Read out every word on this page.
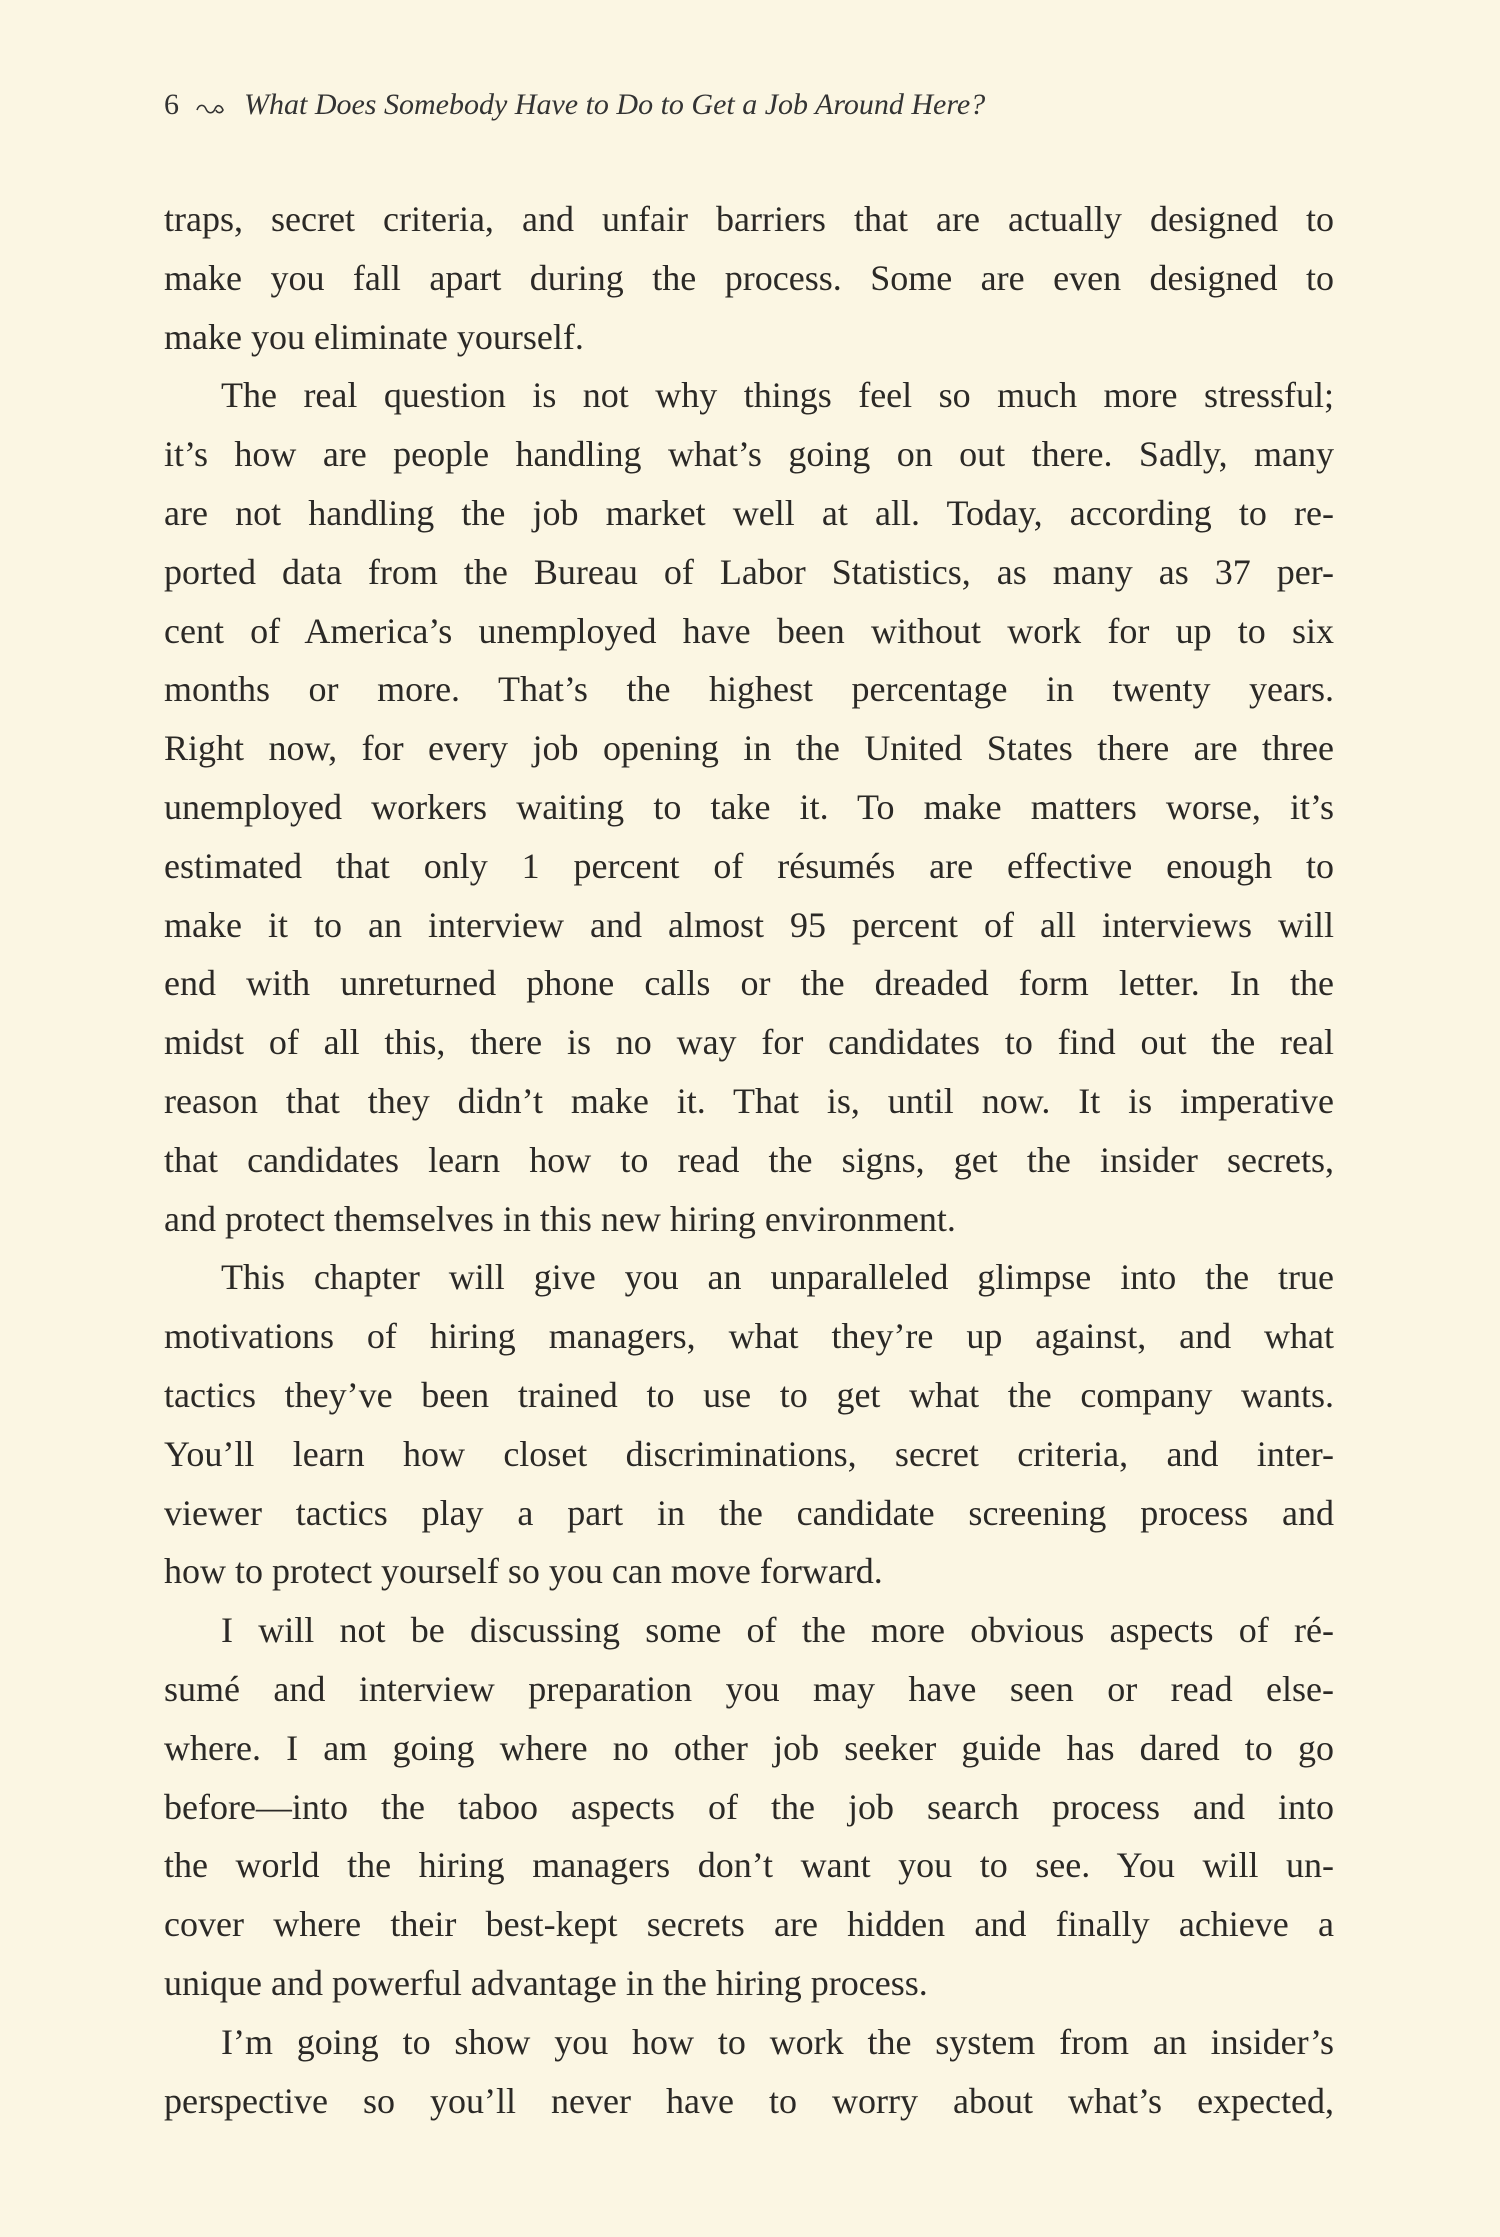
6 What Does Somebody Have to Do to Get a Job Around Here?
traps, secret criteria, and unfair barriers that are actually designed to
make you fall apart during the process. Some are even designed to
make you eliminate yourself.
The real question is not why things feel so much more stressful;
it’s how are people handling what’s going on out there. Sadly, many
are not handling the job market well at all. Today, according to re-
ported data from the Bureau of Labor Statistics, as many as 37 per-
cent of America’s unemployed have been without work for up to six
months or more. That’s the highest percentage in twenty years.
Right now, for every job opening in the United States there are three
unemployed workers waiting to take it. To make matters worse, it’s
estimated that only 1 percent of résumés are effective enough to
make it to an interview and almost 95 percent of all interviews will
end with unreturned phone calls or the dreaded form letter. In the
midst of all this, there is no way for candidates to find out the real
reason that they didn’t make it. That is, until now. It is imperative
that candidates learn how to read the signs, get the insider secrets,
and protect themselves in this new hiring environment.
This chapter will give you an unparalleled glimpse into the true
motivations of hiring managers, what they’re up against, and what
tactics they’ve been trained to use to get what the company wants.
You’ll learn how closet discriminations, secret criteria, and inter-
viewer tactics play a part in the candidate screening process and
how to protect yourself so you can move forward.
I will not be discussing some of the more obvious aspects of ré-
sumé and interview preparation you may have seen or read else-
where. I am going where no other job seeker guide has dared to go
before—into the taboo aspects of the job search process and into
the world the hiring managers don’t want you to see. You will un-
cover where their best-kept secrets are hidden and finally achieve a
unique and powerful advantage in the hiring process.
I’m going to show you how to work the system from an insider’s
perspective so you’ll never have to worry about what’s expected,
